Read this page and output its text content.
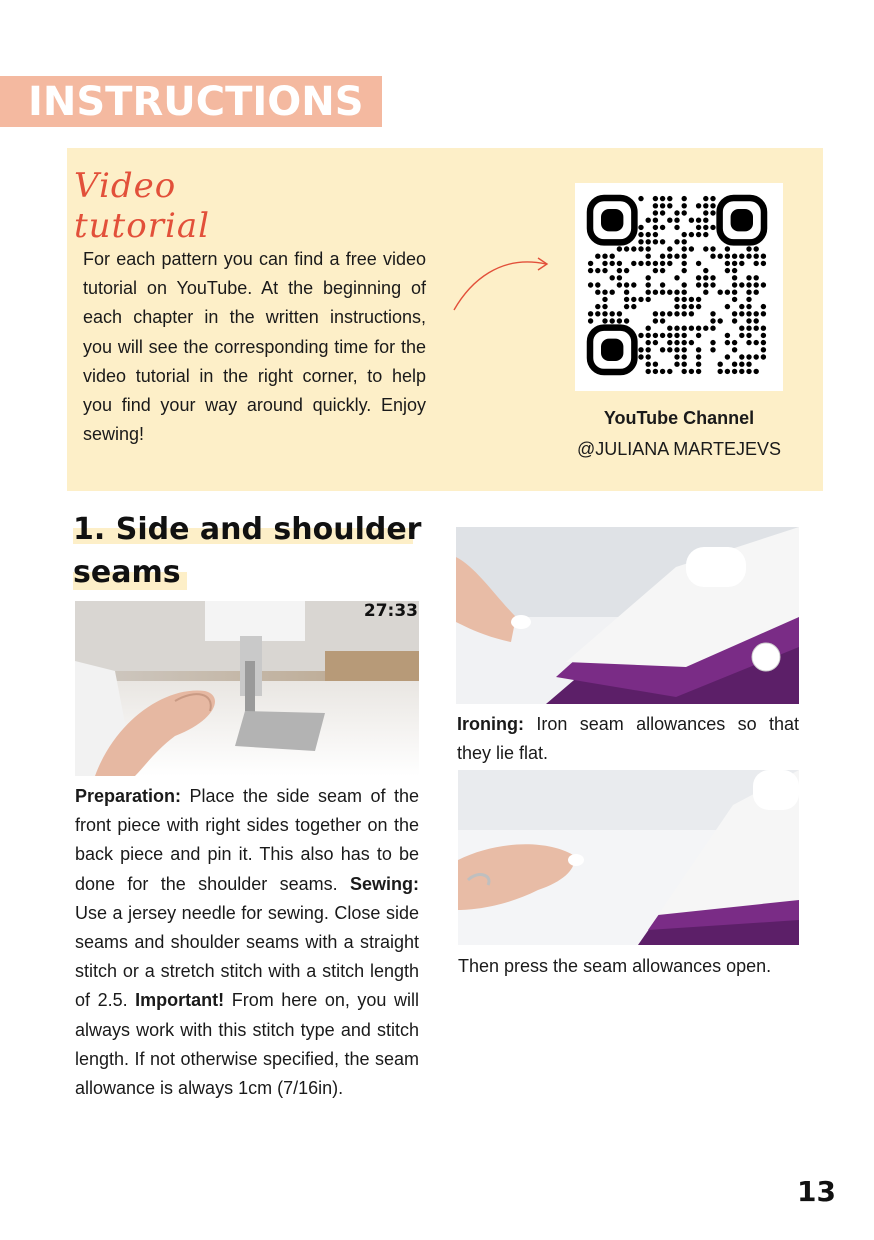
INSTRUCTIONS
Video tutorial
For each pattern you can find a free video tutorial on YouTube. At the beginning of each chapter in the written instructions, you will see the corresponding time for the video tutorial in the right corner, to help you find your way around quickly. Enjoy sewing!
YouTube Channel
@JULIANA MARTEJEVS
1. Side and shoulder seams
27:33
Preparation: Place the side seam of the front piece with right sides together on the back piece and pin it. This also has to be done for the shoulder seams. Sewing: Use a jersey needle for sewing. Close side seams and shoulder seams with a straight stitch or a stretch stitch with a stitch length of 2.5. Important! From here on, you will always work with this stitch type and stitch length. If not otherwise specified, the seam allowance is always 1cm (7/16in).
Ironing: Iron seam allowances so that they lie flat.
Then press the seam allowances open.
13
